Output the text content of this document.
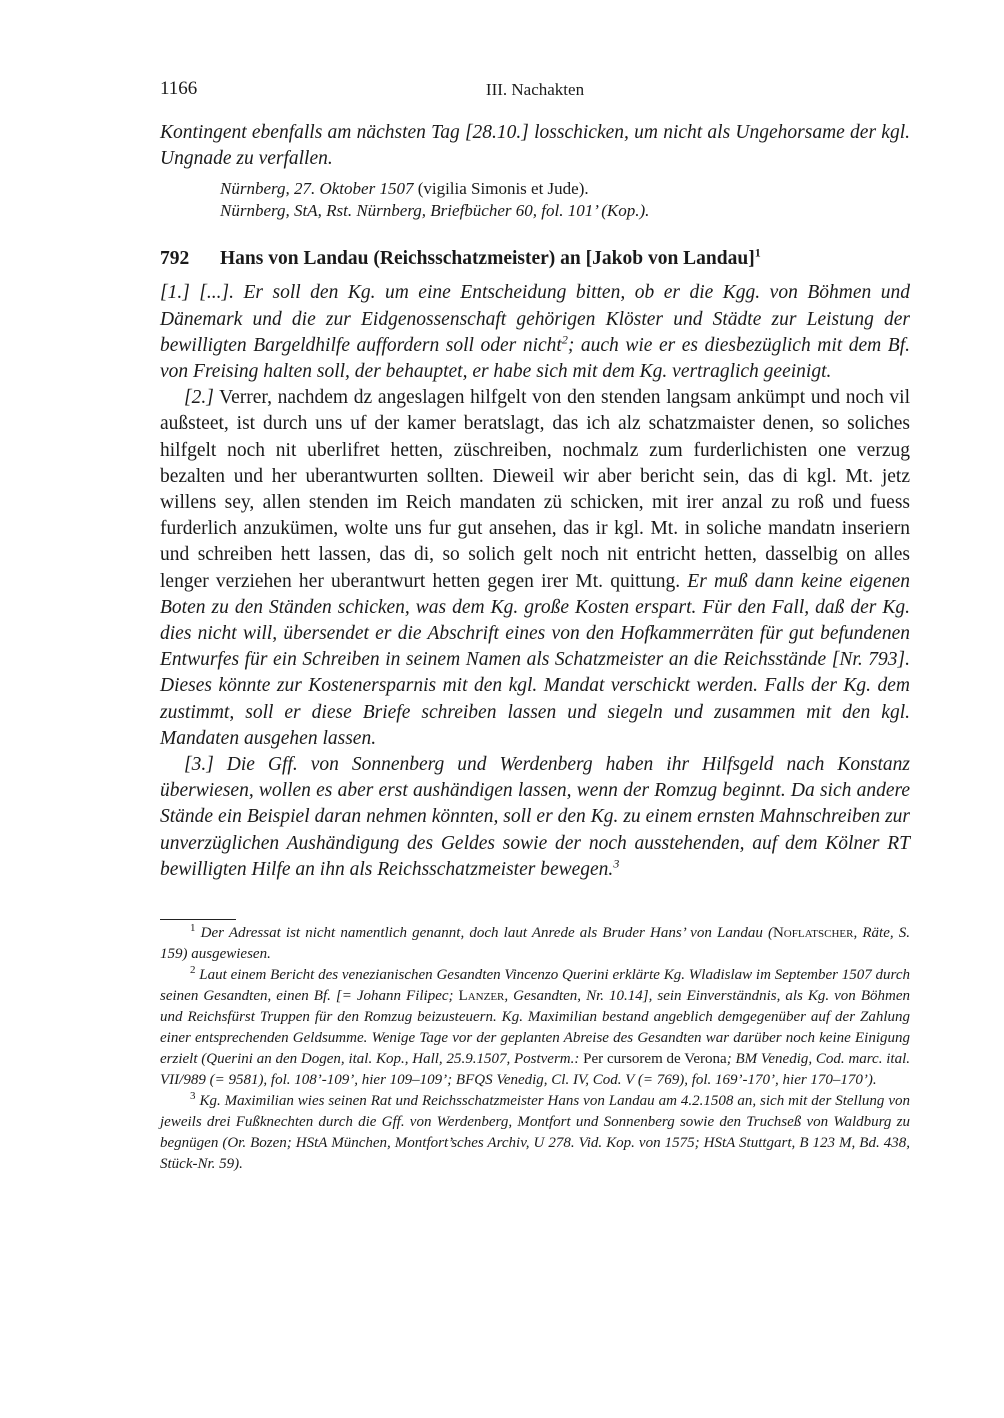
1166	III. Nachakten
Kontingent ebenfalls am nächsten Tag [28.10.] losschicken, um nicht als Ungehorsame der kgl. Ungnade zu verfallen.
Nürnberg, 27. Oktober 1507 (vigilia Simonis et Jude).
Nürnberg, StA, Rst. Nürnberg, Briefbücher 60, fol. 101’ (Kop.).
792 Hans von Landau (Reichsschatzmeister) an [Jakob von Landau]$^1$
[1.] [...]. Er soll den Kg. um eine Entscheidung bitten, ob er die Kgg. von Böhmen und Dänemark und die zur Eidgenossenschaft gehörigen Klöster und Städte zur Leistung der bewilligten Bargeldhilfe auffordern soll oder nicht$^2$; auch wie er es diesbezüglich mit dem Bf. von Freising halten soll, der behauptet, er habe sich mit dem Kg. vertraglich geeinigt.
[2.] Verrer, nachdem dz angeslagen hilfgelt von den stenden langsam ankümpt und noch vil außsteet, ist durch uns uf der kamer beratslagt, das ich alz schatzmaister denen, so soliches hilfgelt noch nit uberlifret hetten, züschreiben, nochmalz zum furderlichisten one verzug bezalten und her uberantwurten sollten. Dieweil wir aber bericht sein, das di kgl. Mt. jetz willens sey, allen stenden im Reich mandaten zü schicken, mit irer anzal zu roß und fuess furderlich anzukümen, wolte uns fur gut ansehen, das ir kgl. Mt. in soliche mandatn inseriern und schreiben hett lassen, das di, so solich gelt noch nit entricht hetten, dasselbig on alles lenger verziehen her uberantwurt hetten gegen irer Mt. quittung. Er muß dann keine eigenen Boten zu den Ständen schicken, was dem Kg. große Kosten erspart. Für den Fall, daß der Kg. dies nicht will, übersendet er die Abschrift eines von den Hofkammerräten für gut befundenen Entwurfes für ein Schreiben in seinem Namen als Schatzmeister an die Reichsstände [Nr. 793]. Dieses könnte zur Kostenersparnis mit den kgl. Mandat verschickt werden. Falls der Kg. dem zustimmt, soll er diese Briefe schreiben lassen und siegeln und zusammen mit den kgl. Mandaten ausgehen lassen.
[3.] Die Gff. von Sonnenberg und Werdenberg haben ihr Hilfsgeld nach Konstanz überwiesen, wollen es aber erst aushändigen lassen, wenn der Romzug beginnt. Da sich andere Stände ein Beispiel daran nehmen könnten, soll er den Kg. zu einem ernsten Mahnschreiben zur unverzüglichen Aushändigung des Geldes sowie der noch ausstehenden, auf dem Kölner RT bewilligten Hilfe an ihn als Reichsschatzmeister bewegen.$^3$
$^1$ Der Adressat ist nicht namentlich genannt, doch laut Anrede als Bruder Hans’ von Landau (Noflatscher, Räte, S. 159) ausgewiesen.
$^2$ Laut einem Bericht des venezianischen Gesandten Vincenzo Querini erklärte Kg. Wladislaw im September 1507 durch seinen Gesandten, einen Bf. [= Johann Filipec; Lanzer, Gesandten, Nr. 10.14], sein Einverständnis, als Kg. von Böhmen und Reichsfürst Truppen für den Romzug beizusteuern. Kg. Maximilian bestand angeblich demgegenüber auf der Zahlung einer entsprechenden Geldsumme. Wenige Tage vor der geplanten Abreise des Gesandten war darüber noch keine Einigung erzielt (Querini an den Dogen, ital. Kop., Hall, 25.9.1507, Postverm.: Per cursorem de Verona; BM Venedig, Cod. marc. ital. VII/989 (= 9581), fol. 108’-109’, hier 109–109’; BFQS Venedig, Cl. IV, Cod. V (= 769), fol. 169’-170’, hier 170–170’).
$^3$ Kg. Maximilian wies seinen Rat und Reichsschatzmeister Hans von Landau am 4.2.1508 an, sich mit der Stellung von jeweils drei Fußknechten durch die Gff. von Werdenberg, Montfort und Sonnenberg sowie den Truchseß von Waldburg zu begnügen (Or. Bozen; HStA München, Montfort’sches Archiv, U 278. Vid. Kop. von 1575; HStA Stuttgart, B 123 M, Bd. 438, Stück-Nr. 59).
